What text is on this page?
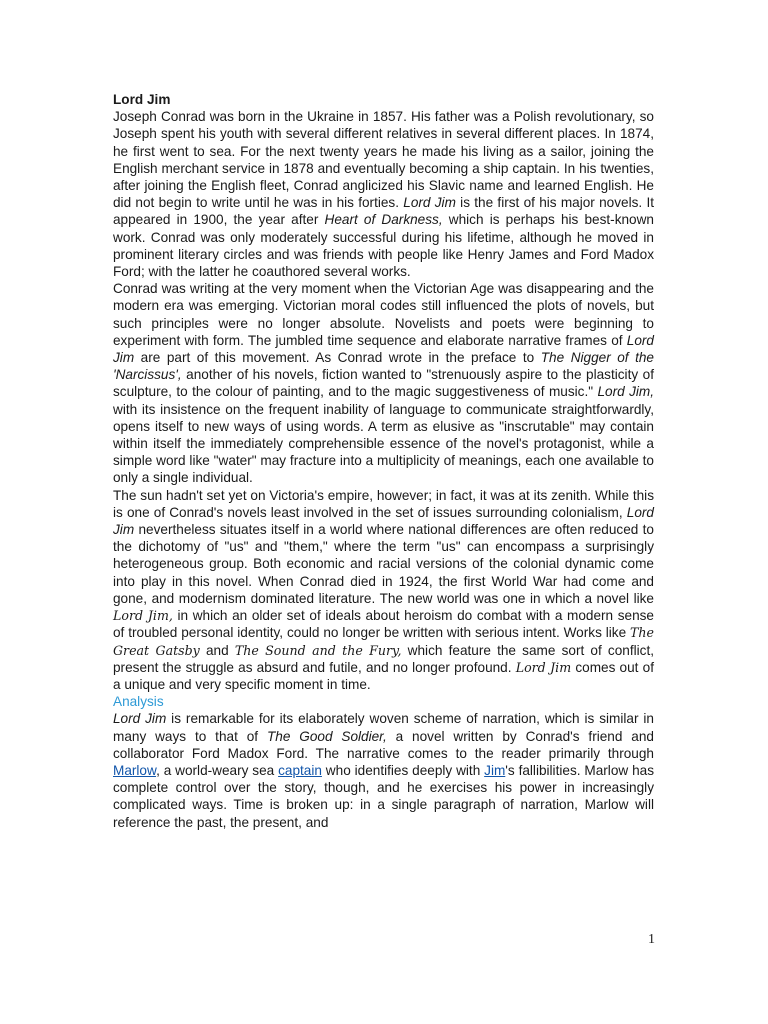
Lord Jim

Joseph Conrad was born in the Ukraine in 1857. His father was a Polish revolutionary, so Joseph spent his youth with several different relatives in several different places. In 1874, he first went to sea. For the next twenty years he made his living as a sailor, joining the English merchant service in 1878 and eventually becoming a ship captain. In his twenties, after joining the English fleet, Conrad anglicized his Slavic name and learned English. He did not begin to write until he was in his forties. Lord Jim is the first of his major novels. It appeared in 1900, the year after Heart of Darkness, which is perhaps his best-known work. Conrad was only moderately successful during his lifetime, although he moved in prominent literary circles and was friends with people like Henry James and Ford Madox Ford; with the latter he coauthored several works.

Conrad was writing at the very moment when the Victorian Age was disappearing and the modern era was emerging. Victorian moral codes still influenced the plots of novels, but such principles were no longer absolute. Novelists and poets were beginning to experiment with form. The jumbled time sequence and elaborate narrative frames of Lord Jim are part of this movement. As Conrad wrote in the preface to The Nigger of the 'Narcissus', another of his novels, fiction wanted to "strenuously aspire to the plasticity of sculpture, to the colour of painting, and to the magic suggestiveness of music." Lord Jim, with its insistence on the frequent inability of language to communicate straightforwardly, opens itself to new ways of using words. A term as elusive as "inscrutable" may contain within itself the immediately comprehensible essence of the novel's protagonist, while a simple word like "water" may fracture into a multiplicity of meanings, each one available to only a single individual.

The sun hadn't set yet on Victoria's empire, however; in fact, it was at its zenith. While this is one of Conrad's novels least involved in the set of issues surrounding colonialism, Lord Jim nevertheless situates itself in a world where national differences are often reduced to the dichotomy of "us" and "them," where the term "us" can encompass a surprisingly heterogeneous group. Both economic and racial versions of the colonial dynamic come into play in this novel. When Conrad died in 1924, the first World War had come and gone, and modernism dominated literature. The new world was one in which a novel like Lord Jim, in which an older set of ideals about heroism do combat with a modern sense of troubled personal identity, could no longer be written with serious intent. Works like The Great Gatsby and The Sound and the Fury, which feature the same sort of conflict, present the struggle as absurd and futile, and no longer profound. Lord Jim comes out of a unique and very specific moment in time.

Analysis

Lord Jim is remarkable for its elaborately woven scheme of narration, which is similar in many ways to that of The Good Soldier, a novel written by Conrad's friend and collaborator Ford Madox Ford. The narrative comes to the reader primarily through Marlow, a world-weary sea captain who identifies deeply with Jim's fallibilities. Marlow has complete control over the story, though, and he exercises his power in increasingly complicated ways. Time is broken up: in a single paragraph of narration, Marlow will reference the past, the present, and

1
